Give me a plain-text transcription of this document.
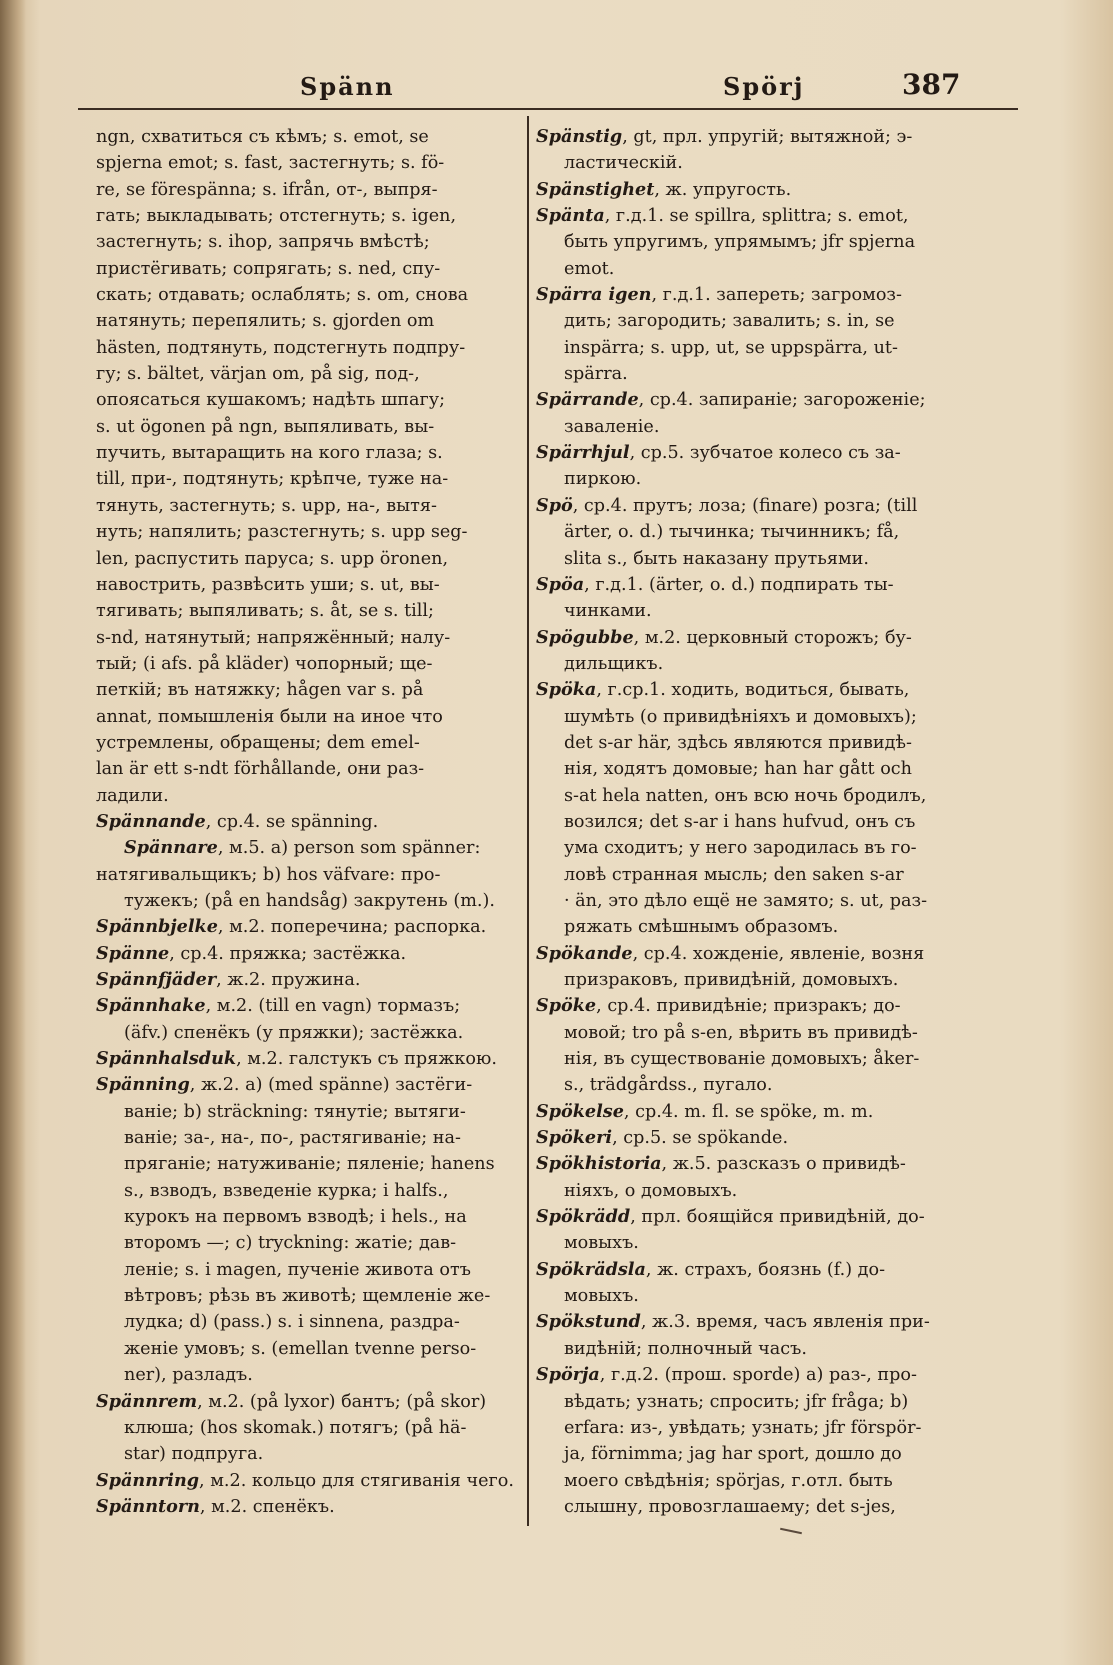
Spänn	Spörj	387
ngn, схватиться съ кѣмъ; s. emot, se
spjerna emot; s. fast, застегнуть; s. fö-
re, se förespänna; s. ifrån, от-, выпря-
гать; выкладывать; отстегнуть; s. igen,
застегнуть; s. ihop, запрячь вмѣстѣ;
пристёгивать; сопрягать; s. ned, спу-
скать; отдавать; ослаблять; s. om, снова
натянуть; перепялить; s. gjorden om
hästen, подтянуть, подстегнуть подпру-
гу; s. bältet, värjan om, på sig, под-,
опоясаться кушакомъ; надѣть шпагу;
s. ut ögonen på ngn, выпяливать, вы-
пучить, вытаращить на кого глаза; s.
till, при-, подтянуть; крѣпче, туже на-
тянуть, застегнуть; s. upp, на-, вытя-
нуть; напялить; разстегнуть; s. upp seg-
len, распустить паруса; s. upp öronen,
навострить, развѣсить уши; s. ut, вы-
тягивать; выпяливать; s. åt, se s. till;
s-nd, натянутый; напряжённый; налу-
тый; (i afs. på kläder) чопорный; ще-
петкій; въ натяжку; hågen var s. på
annat, помышленія были на иное что
устремлены, обращены; dem emel-
lan är ett s-ndt förhållande, они раз-
ладили.
Spännande, ср.4. se spänning.
Spännare, м.5. a) person som spänner:
натягивальщикъ; b) hos väfvare: про-
тужекъ; (på en handsåg) закрутень (m.).
Spännbjelke, м.2. поперечина; распорка.
Spänne, ср.4. пряжка; застёжка.
Spännfjäder, ж.2. пружина.
Spännhake, м.2. (till en vagn) тормазъ;
(äfv.) спенёкъ (у пряжки); застёжка.
Spännhalsduk, м.2. галстукъ съ пряжкою.
Spänning, ж.2. a) (med spänne) застёги-
ваніе; b) sträckning: тянутіе; вытяги-
ваніе; за-, на-, по-, растягиваніе; на-
пряганіе; натуживаніе; пяленіе; hanens
s., взводъ, взведеніе курка; i halfs.,
курокъ на первомъ взводѣ; i hels., на
второмъ —; c) tryckning: жатіе; дав-
леніе; s. i magen, пученіе живота отъ
вѣтровъ; рѣзь въ животѣ; щемленіе же-
лудка; d) (pass.) s. i sinnena, раздра-
женіе умовъ; s. (emellan tvenne perso-
ner), разладъ.
Spännrem, м.2. (på lyxor) бантъ; (på skor)
клюша; (hos skomak.) потягъ; (på hä-
star) подпруга.
Spännring, м.2. кольцо для стягиванія чего.
Spänntorn, м.2. спенёкъ.
Spänstig, gt, прл. упругій; вытяжной; э-
ластическій.
Spänstighet, ж. упругость.
Spänta, г.д.1. se spillra, splittra; s. emot,
быть упругимъ, упрямымъ; jfr spjerna
emot.
Spärra igen, г.д.1. запереть; загромоз-
дить; загородить; завалить; s. in, se
inspärra; s. upp, ut, se uppspärra, ut-
spärra.
Spärrande, ср.4. запираніе; загороженіе;
заваленіе.
Spärrhjul, ср.5. зубчатое колесо съ за-
пиркою.
Spö, ср.4. прутъ; лоза; (finare) розга; (till
ärter, o. d.) тычинка; тычинникъ; få,
slita s., быть наказану прутьями.
Spöa, г.д.1. (ärter, o. d.) подпирать ты-
чинками.
Spögubbe, м.2. церковный сторожъ; бу-
дильщикъ.
Spöka, г.ср.1. ходить, водиться, бывать,
шумѣть (о привидѣніяхъ и домовыхъ);
det s-ar här, здѣсь являются привидѣ-
нія, ходятъ домовые; han har gått och
s-at hela natten, онъ всю ночь бродилъ,
возился; det s-ar i hans hufvud, онъ съ
ума сходитъ; у него зародилась въ го-
ловѣ странная мысль; den saken s-ar
· än, это дѣло ещё не замято; s. ut, раз-
ряжать смѣшнымъ образомъ.
Spökande, ср.4. хожденіе, явленіе, возня
призраковъ, привидѣній, домовыхъ.
Spöke, ср.4. привидѣніе; призракъ; до-
мовой; tro på s-en, вѣрить въ привидѣ-
нія, въ существованіе домовыхъ; åker-
s., trädgårdss., пугало.
Spökelse, ср.4. m. fl. se spöke, m. m.
Spökeri, ср.5. se spökande.
Spökhistoria, ж.5. разсказъ о привидѣ-
ніяхъ, о домовыхъ.
Spökrädd, прл. боящійся привидѣній, до-
мовыхъ.
Spökrädsla, ж. страхъ, боязнь (f.) до-
мовыхъ.
Spökstund, ж.3. время, часъ явленія при-
видѣній; полночный часъ.
Spörja, г.д.2. (прош. sporde) a) раз-, про-
вѣдать; узнать; спросить; jfr fråga; b)
erfara: из-, увѣдать; узнать; jfr förspör-
ja, förnimma; jag har sport, дошло до
моего свѣдѣнія; spörjas, г.отл. быть
слышну, провозглашаему; det s-jes,
